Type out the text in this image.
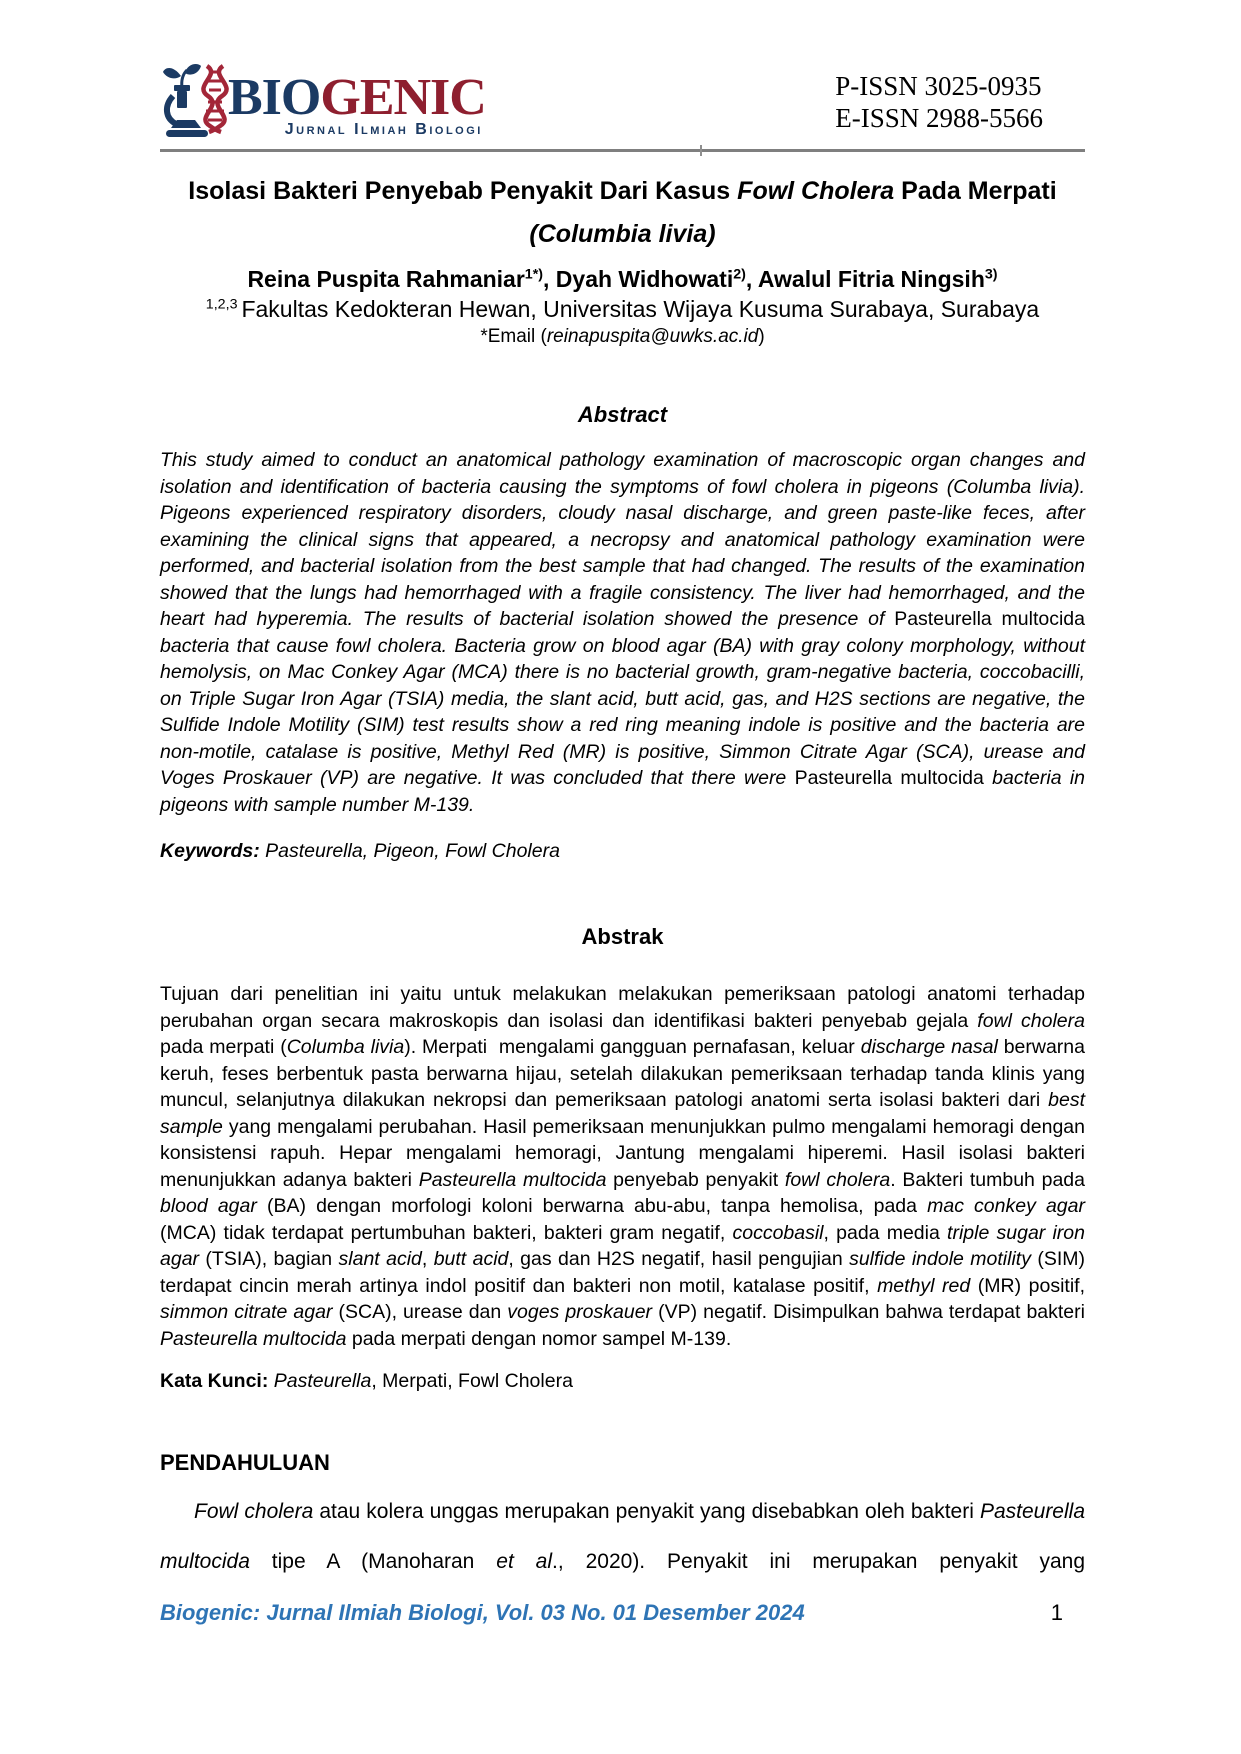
BIOGENIC
Jurnal Ilmiah Biologi
P-ISSN 3025-0935
E-ISSN 2988-5566
Isolasi Bakteri Penyebab Penyakit Dari Kasus Fowl Cholera Pada Merpati
(Columbia livia)
Reina Puspita Rahmaniar$^{1*)}$, Dyah Widhowati$^{2)}$, Awalul Fitria Ningsih$^{3)}$
$^{1,2,3}$ Fakultas Kedokteran Hewan, Universitas Wijaya Kusuma Surabaya, Surabaya
*Email (reinapuspita@uwks.ac.id)
Abstract

This study aimed to conduct an anatomical pathology examination of macroscopic organ changes and isolation and identification of bacteria causing the symptoms of fowl cholera in pigeons (Columba livia). Pigeons experienced respiratory disorders, cloudy nasal discharge, and green paste-like feces, after examining the clinical signs that appeared, a necropsy and anatomical pathology examination were performed, and bacterial isolation from the best sample that had changed. The results of the examination showed that the lungs had hemorrhaged with a fragile consistency. The liver had hemorrhaged, and the heart had hyperemia. The results of bacterial isolation showed the presence of Pasteurella multocida bacteria that cause fowl cholera. Bacteria grow on blood agar (BA) with gray colony morphology, without hemolysis, on Mac Conkey Agar (MCA) there is no bacterial growth, gram-negative bacteria, coccobacilli, on Triple Sugar Iron Agar (TSIA) media, the slant acid, butt acid, gas, and H2S sections are negative, the Sulfide Indole Motility (SIM) test results show a red ring meaning indole is positive and the bacteria are non-motile, catalase is positive, Methyl Red (MR) is positive, Simmon Citrate Agar (SCA), urease and Voges Proskauer (VP) are negative. It was concluded that there were Pasteurella multocida bacteria in pigeons with sample number M-139.

Keywords: Pasteurella, Pigeon, Fowl Cholera
Abstrak

Tujuan dari penelitian ini yaitu untuk melakukan melakukan pemeriksaan patologi anatomi terhadap perubahan organ secara makroskopis dan isolasi dan identifikasi bakteri penyebab gejala fowl cholera pada merpati (Columba livia). Merpati  mengalami gangguan pernafasan, keluar discharge nasal berwarna keruh, feses berbentuk pasta berwarna hijau, setelah dilakukan pemeriksaan terhadap tanda klinis yang muncul, selanjutnya dilakukan nekropsi dan pemeriksaan patologi anatomi serta isolasi bakteri dari best sample yang mengalami perubahan. Hasil pemeriksaan menunjukkan pulmo mengalami hemoragi dengan konsistensi rapuh. Hepar mengalami hemoragi, Jantung mengalami hiperemi. Hasil isolasi bakteri menunjukkan adanya bakteri Pasteurella multocida penyebab penyakit fowl cholera. Bakteri tumbuh pada blood agar (BA) dengan morfologi koloni berwarna abu-abu, tanpa hemolisa, pada mac conkey agar (MCA) tidak terdapat pertumbuhan bakteri, bakteri gram negatif, coccobasil, pada media triple sugar iron agar (TSIA), bagian slant acid, butt acid, gas dan H2S negatif, hasil pengujian sulfide indole motility (SIM) terdapat cincin merah artinya indol positif dan bakteri non motil, katalase positif, methyl red (MR) positif, simmon citrate agar (SCA), urease dan voges proskauer (VP) negatif. Disimpulkan bahwa terdapat bakteri Pasteurella multocida pada merpati dengan nomor sampel M-139.

Kata Kunci: Pasteurella, Merpati, Fowl Cholera
PENDAHULUAN

Fowl cholera atau kolera unggas merupakan penyakit yang disebabkan oleh bakteri Pasteurella multocida tipe A (Manoharan et al., 2020). Penyakit ini merupakan penyakit yang

Biogenic: Jurnal Ilmiah Biologi, Vol. 03 No. 01 Desember 2024	1
